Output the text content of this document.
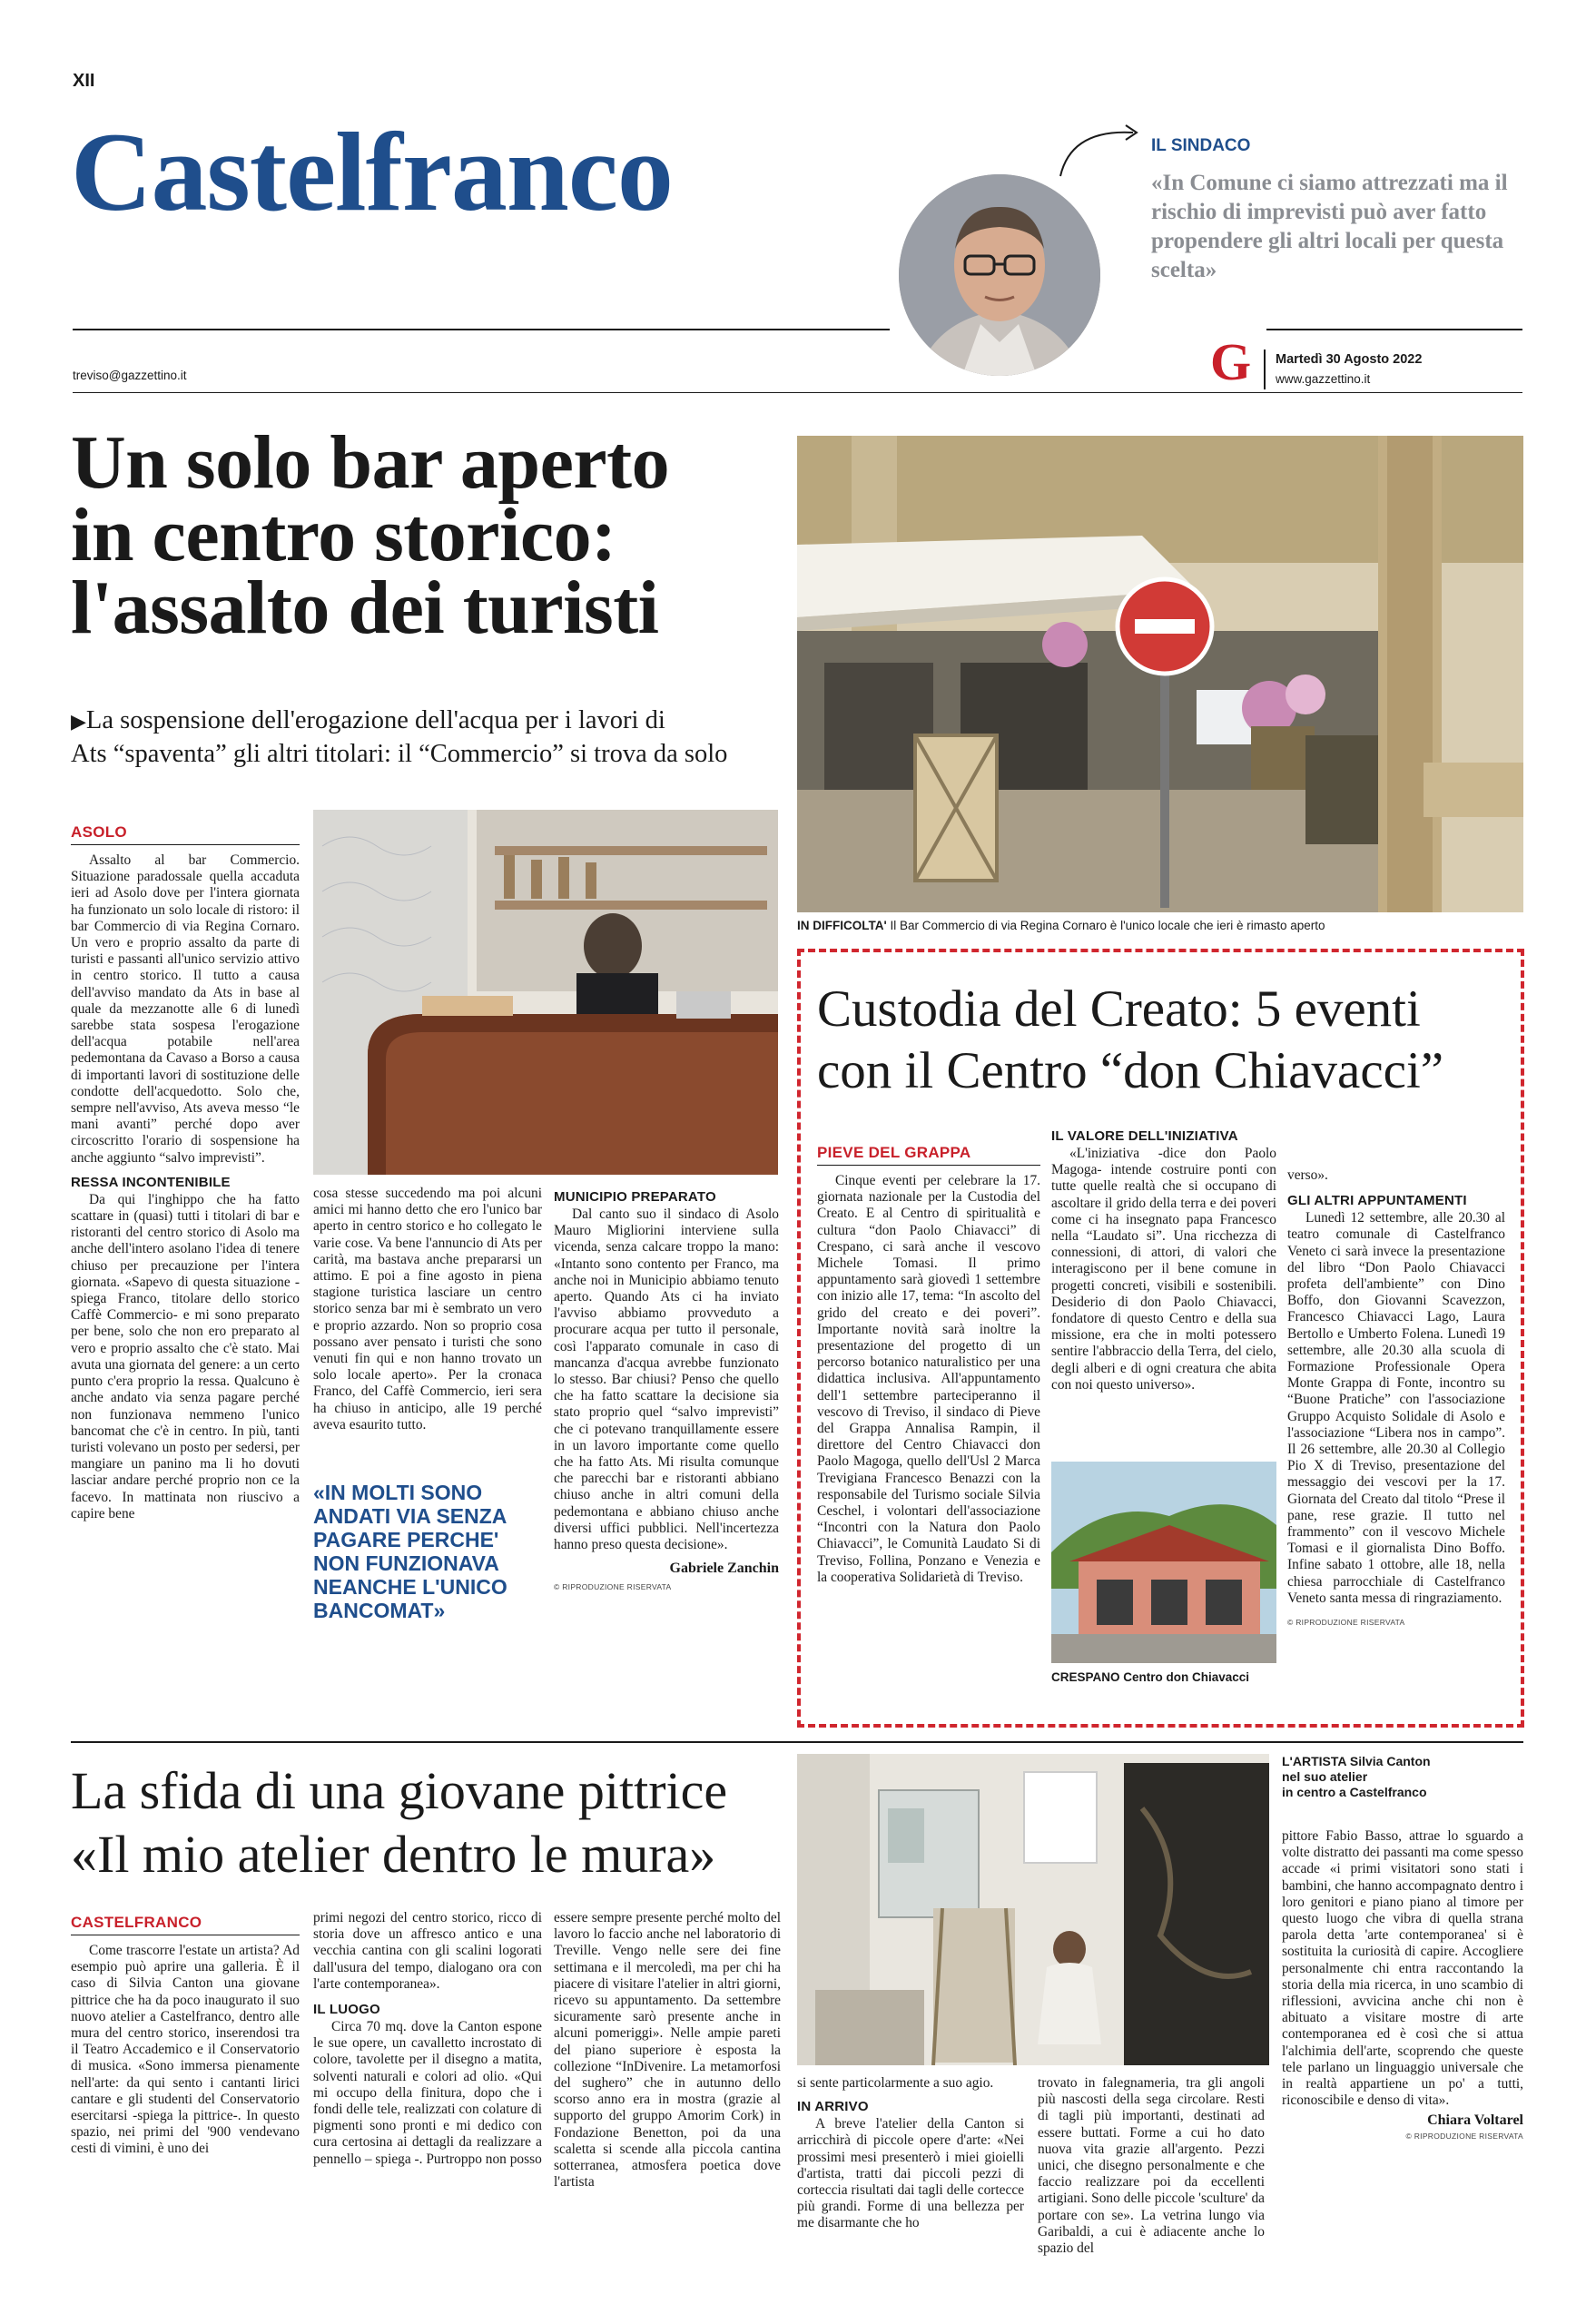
XII
Castelfranco
treviso@gazzettino.it
IL SINDACO
«In Comune ci siamo attrezzati ma il rischio di imprevisti può aver fatto propendere gli altri locali per questa scelta»
G Martedì 30 Agosto 2022
www.gazzettino.it
Un solo bar aperto
in centro storico:
l'assalto dei turisti
▶La sospensione dell'erogazione dell'acqua per i lavori di
Ats “spaventa” gli altri titolari: il “Commercio” si trova da solo
IN DIFFICOLTA' Il Bar Commercio di via Regina Cornaro è l'unico locale che ieri è rimasto aperto
ASOLO

Assalto al bar Commercio. Situazione paradossale quella accaduta ieri ad Asolo dove per l'intera giornata ha funzionato un solo locale di ristoro: il bar Commercio di via Regina Cornaro. Un vero e proprio assalto da parte di turisti e passanti all'unico servizio attivo in centro storico. Il tutto a causa dell'avviso mandato da Ats in base al quale da mezzanotte alle 6 di lunedì sarebbe stata sospesa l'erogazione dell'acqua potabile nell'area pedemontana da Cavaso a Borso a causa di importanti lavori di sostituzione delle condotte dell'acquedotto. Solo che, sempre nell'avviso, Ats aveva messo “le mani avanti” perché dopo aver circoscritto l'orario di sospensione ha anche aggiunto “salvo imprevisti”.

RESSA INCONTENIBILE

Da qui l'inghippo che ha fatto scattare in (quasi) tutti i titolari di bar e ristoranti del centro storico di Asolo ma anche dell'intero asolano l'idea di tenere chiuso per precauzione per l'intera giornata. «Sapevo di questa situazione -spiega Franco, titolare dello storico Caffè Commercio- e mi sono preparato per bene, solo che non ero preparato al vero e proprio assalto che c'è stato. Mai avuta una giornata del genere: a un certo punto c'era proprio la ressa. Qualcuno è anche andato via senza pagare perché non funzionava nemmeno l'unico bancomat che c'è in centro. In più, tanti turisti volevano un posto per sedersi, per mangiare un panino ma li ho dovuti lasciar andare perché proprio non ce la facevo. In mattinata non riuscivo a capire bene

cosa stesse succedendo ma poi alcuni amici mi hanno detto che ero l'unico bar aperto in centro storico e ho collegato le varie cose. Va bene l'annuncio di Ats per carità, ma bastava anche prepararsi un attimo. E poi a fine agosto in piena stagione turistica lasciare un centro storico senza bar mi è sembrato un vero e proprio azzardo. Non so proprio cosa possano aver pensato i turisti che sono venuti fin qui e non hanno trovato un solo locale aperto». Per la cronaca Franco, del Caffè Commercio, ieri sera ha chiuso in anticipo, alle 19 perché aveva esaurito tutto.

«IN MOLTI SONO ANDATI VIA SENZA PAGARE PERCHE' NON FUNZIONAVA NEANCHE L'UNICO BANCOMAT»
MUNICIPIO PREPARATO

Dal canto suo il sindaco di Asolo Mauro Migliorini interviene sulla vicenda, senza calcare troppo la mano: «Intanto sono contento per Franco, ma anche noi in Municipio abbiamo tenuto aperto. Quando Ats ci ha inviato l'avviso abbiamo provveduto a procurare acqua per tutto il personale, così l'apparato comunale in caso di mancanza d'acqua avrebbe funzionato lo stesso. Bar chiusi? Penso che quello che ha fatto scattare la decisione sia stato proprio quel “salvo imprevisti” che ci potevano tranquillamente essere in un lavoro importante come quello che ha fatto Ats. Mi risulta comunque che parecchi bar e ristoranti abbiano chiuso anche in altri comuni della pedemontana e abbiano chiuso anche diversi uffici pubblici. Nell'incertezza hanno preso questa decisione».

Gabriele Zanchin
© RIPRODUZIONE RISERVATA
Custodia del Creato: 5 eventi
con il Centro “don Chiavacci”
PIEVE DEL GRAPPA

Cinque eventi per celebrare la 17. giornata nazionale per la Custodia del Creato. E al Centro di spiritualità e cultura “don Paolo Chiavacci” di Crespano, ci sarà anche il vescovo Michele Tomasi. Il primo appuntamento sarà giovedì 1 settembre con inizio alle 17, tema: “In ascolto del grido del creato e dei poveri”. Importante novità sarà inoltre la presentazione del progetto di un percorso botanico naturalistico per una didattica inclusiva. All'appuntamento dell'1 settembre parteciperanno il vescovo di Treviso, il sindaco di Pieve del Grappa Annalisa Rampin, il direttore del Centro Chiavacci don Paolo Magoga, quello dell'Usl 2 Marca Trevigiana Francesco Benazzi con la responsabile del Turismo sociale Silvia Ceschel, i volontari dell'associazione “Incontri con la Natura don Paolo Chiavacci”, le Comunità Laudato Si di Treviso, Follina, Ponzano e Venezia e la cooperativa Solidarietà di Treviso.

IL VALORE DELL'INIZIATIVA

«L'iniziativa -dice don Paolo Magoga- intende costruire ponti con tutte quelle realtà che si occupano di ascoltare il grido della terra e dei poveri come ci ha insegnato papa Francesco nella “Laudato si”. Una ricchezza di connessioni, di attori, di valori che interagiscono per il bene comune in progetti concreti, visibili e sostenibili. Desiderio di don Paolo Chiavacci, fondatore di questo Centro e della sua missione, era che in molti potessero sentire l'abbraccio della Terra, del cielo, degli alberi e di ogni creatura che abita con noi questo universo».

CRESPANO Centro don Chiavacci

verso».

GLI ALTRI APPUNTAMENTI

Lunedì 12 settembre, alle 20.30 al teatro comunale di Castelfranco Veneto ci sarà invece la presentazione del libro “Don Paolo Chiavacci profeta dell'ambiente” con Dino Boffo, don Giovanni Scavezzon, Francesco Chiavacci Lago, Laura Bertollo e Umberto Folena. Lunedì 19 settembre, alle 20.30 alla scuola di Formazione Professionale Opera Monte Grappa di Fonte, incontro su “Buone Pratiche” con l'associazione Gruppo Acquisto Solidale di Asolo e l'associazione “Libera nos in campo”. Il 26 settembre, alle 20.30 al Collegio Pio X di Treviso, presentazione del messaggio dei vescovi per la 17. Giornata del Creato dal titolo “Prese il pane, rese grazie. Il tutto nel frammento” con il vescovo Michele Tomasi e il giornalista Dino Boffo. Infine sabato 1 ottobre, alle 18, nella chiesa parrocchiale di Castelfranco Veneto santa messa di ringraziamento.

© RIPRODUZIONE RISERVATA
La sfida di una giovane pittrice
«Il mio atelier dentro le mura»
L'ARTISTA Silvia Canton
nel suo atelier
in centro a Castelfranco
CASTELFRANCO

Come trascorre l'estate un artista? Ad esempio può aprire una galleria. È il caso di Silvia Canton una giovane pittrice che ha da poco inaugurato il suo nuovo atelier a Castelfranco, dentro alle mura del centro storico, inserendosi tra il Teatro Accademico e il Conservatorio di musica. «Sono immersa pienamente nell'arte: da qui sento i cantanti lirici cantare e gli studenti del Conservatorio esercitarsi -spiega la pittrice-. In questo spazio, nei primi del '900 vendevano cesti di vimini, è uno dei

primi negozi del centro storico, ricco di storia dove un affresco antico e una vecchia cantina con gli scalini logorati dall'usura del tempo, dialogano ora con l'arte contemporanea».

IL LUOGO

Circa 70 mq. dove la Canton espone le sue opere, un cavalletto incrostato di colore, tavolette per il disegno a matita, solventi naturali e colori ad olio. «Qui mi occupo della finitura, dopo che i fondi delle tele, realizzati con colature di pigmenti sono pronti e mi dedico con cura certosina ai dettagli da realizzare a pennello – spiega -. Purtroppo non posso

essere sempre presente perché molto del lavoro lo faccio anche nel laboratorio di Treville. Vengo nelle sere dei fine settimana e il mercoledì, ma per chi ha piacere di visitare l'atelier in altri giorni, ricevo su appuntamento. Da settembre sicuramente sarò presente anche in alcuni pomeriggi». Nelle ampie pareti del piano superiore è esposta la collezione “InDivenire. La metamorfosi del sughero” che in autunno dello scorso anno era in mostra (grazie al supporto del gruppo Amorim Cork) in Fondazione Benetton, poi da una scaletta si scende alla piccola cantina sotterranea, atmosfera poetica dove l'artista

si sente particolarmente a suo agio.

IN ARRIVO

A breve l'atelier della Canton si arricchirà di piccole opere d'arte: «Nei prossimi mesi presenterò i miei gioielli d'artista, tratti dai piccoli pezzi di corteccia risultati dai tagli delle cortecce più grandi. Forme di una bellezza per me disarmante che ho

trovato in falegnameria, tra gli angoli più nascosti della sega circolare. Resti di tagli più importanti, destinati ad essere buttati. Forme a cui ho dato nuova vita grazie all'argento. Pezzi unici, che disegno personalmente e che faccio realizzare poi da eccellenti artigiani. Sono delle piccole 'sculture' da portare con se». La vetrina lungo via Garibaldi, a cui è adiacente anche lo spazio del

pittore Fabio Basso, attrae lo sguardo a volte distratto dei passanti ma come spesso accade «i primi visitatori sono stati i bambini, che hanno accompagnato dentro i loro genitori e piano piano al timore per questo luogo che vibra di quella strana parola detta 'arte contemporanea' si è sostituita la curiosità di capire. Accogliere personalmente chi entra raccontando la storia della mia ricerca, in uno scambio di riflessioni, avvicina anche chi non è abituato a visitare mostre di arte contemporanea ed è così che si attua l'alchimia dell'arte, scoprendo che queste tele parlano un linguaggio universale che in realtà appartiene un po' a tutti, riconoscibile e denso di vita».

Chiara Voltarel
© RIPRODUZIONE RISERVATA
